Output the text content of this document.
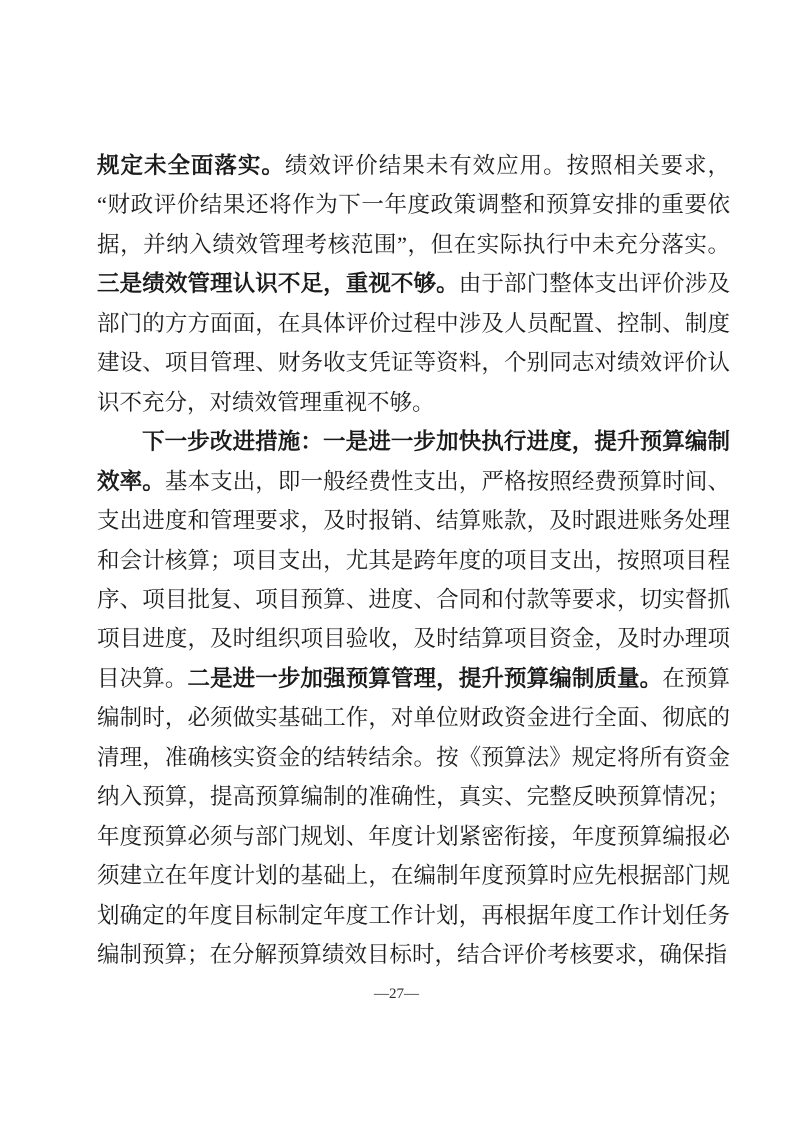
规定未全面落实。绩效评价结果未有效应用。按照相关要求，“财政评价结果还将作为下一年度政策调整和预算安排的重要依据，并纳入绩效管理考核范围”，但在实际执行中未充分落实。三是绩效管理认识不足，重视不够。由于部门整体支出评价涉及部门的方方面面，在具体评价过程中涉及人员配置、控制、制度建设、项目管理、财务收支凭证等资料，个别同志对绩效评价认识不充分，对绩效管理重视不够。

下一步改进措施：一是进一步加快执行进度，提升预算编制效率。基本支出，即一般经费性支出，严格按照经费预算时间、支出进度和管理要求，及时报销、结算账款，及时跟进账务处理和会计核算；项目支出，尤其是跨年度的项目支出，按照项目程序、项目批复、项目预算、进度、合同和付款等要求，切实督抓项目进度，及时组织项目验收，及时结算项目资金，及时办理项目决算。二是进一步加强预算管理，提升预算编制质量。在预算编制时，必须做实基础工作，对单位财政资金进行全面、彻底的清理，准确核实资金的结转结余。按《预算法》规定将所有资金纳入预算，提高预算编制的准确性，真实、完整反映预算情况；年度预算必须与部门规划、年度计划紧密衔接，年度预算编报必须建立在年度计划的基础上，在编制年度预算时应先根据部门规划确定的年度目标制定年度工作计划，再根据年度工作计划任务编制预算；在分解预算绩效目标时，结合评价考核要求，确保指

—27—
